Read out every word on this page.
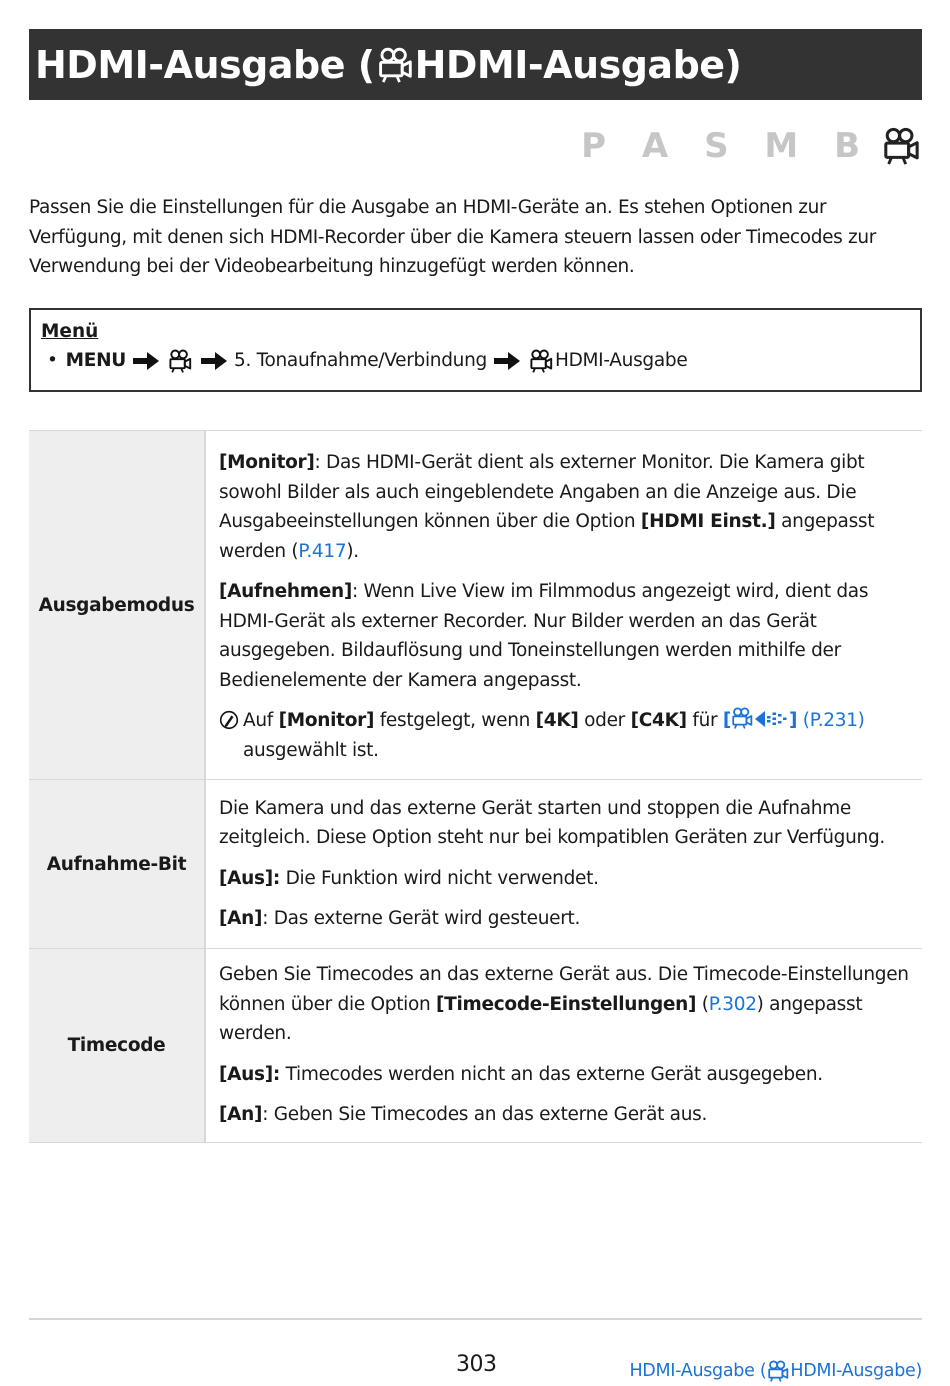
HDMI-Ausgabe ( HDMI-Ausgabe)
P A S M B

Passen Sie die Einstellungen für die Ausgabe an HDMI-Geräte an. Es stehen Optionen zur Verfügung, mit denen sich HDMI-Recorder über die Kamera steuern lassen oder Timecodes zur Verwendung bei der Videobearbeitung hinzugefügt werden können.

Menü
• MENU	5. Tonaufnahme/Verbindung	HDMI-Ausgabe
Ausgabemodus	[Monitor]: Das HDMI-Gerät dient als externer Monitor. Die Kamera gibt sowohl Bilder als auch eingeblendete Angaben an die Anzeige aus. Die Ausgabeeinstellungen können über die Option [HDMI Einst.] angepasst werden (P.417).

[Aufnehmen]: Wenn Live View im Filmmodus angezeigt wird, dient das HDMI-Gerät als externer Recorder. Nur Bilder werden an das Gerät ausgegeben. Bildauflösung und Toneinstellungen werden mithilfe der Bedienelemente der Kamera angepasst.

Auf [Monitor] festgelegt, wenn [4K] oder [C4K] für [ ] (P.231)
ausgewählt ist.

Aufnahme-Bit	Die Kamera und das externe Gerät starten und stoppen die Aufnahme zeitgleich. Diese Option steht nur bei kompatiblen Geräten zur Verfügung.

[Aus]: Die Funktion wird nicht verwendet.

[An]: Das externe Gerät wird gesteuert.

Timecode	Geben Sie Timecodes an das externe Gerät aus. Die Timecode-Einstellungen können über die Option [Timecode-Einstellungen] (P.302) angepasst werden.

[Aus]: Timecodes werden nicht an das externe Gerät ausgegeben.

[An]: Geben Sie Timecodes an das externe Gerät aus.

303	HDMI-Ausgabe ( HDMI-Ausgabe)
